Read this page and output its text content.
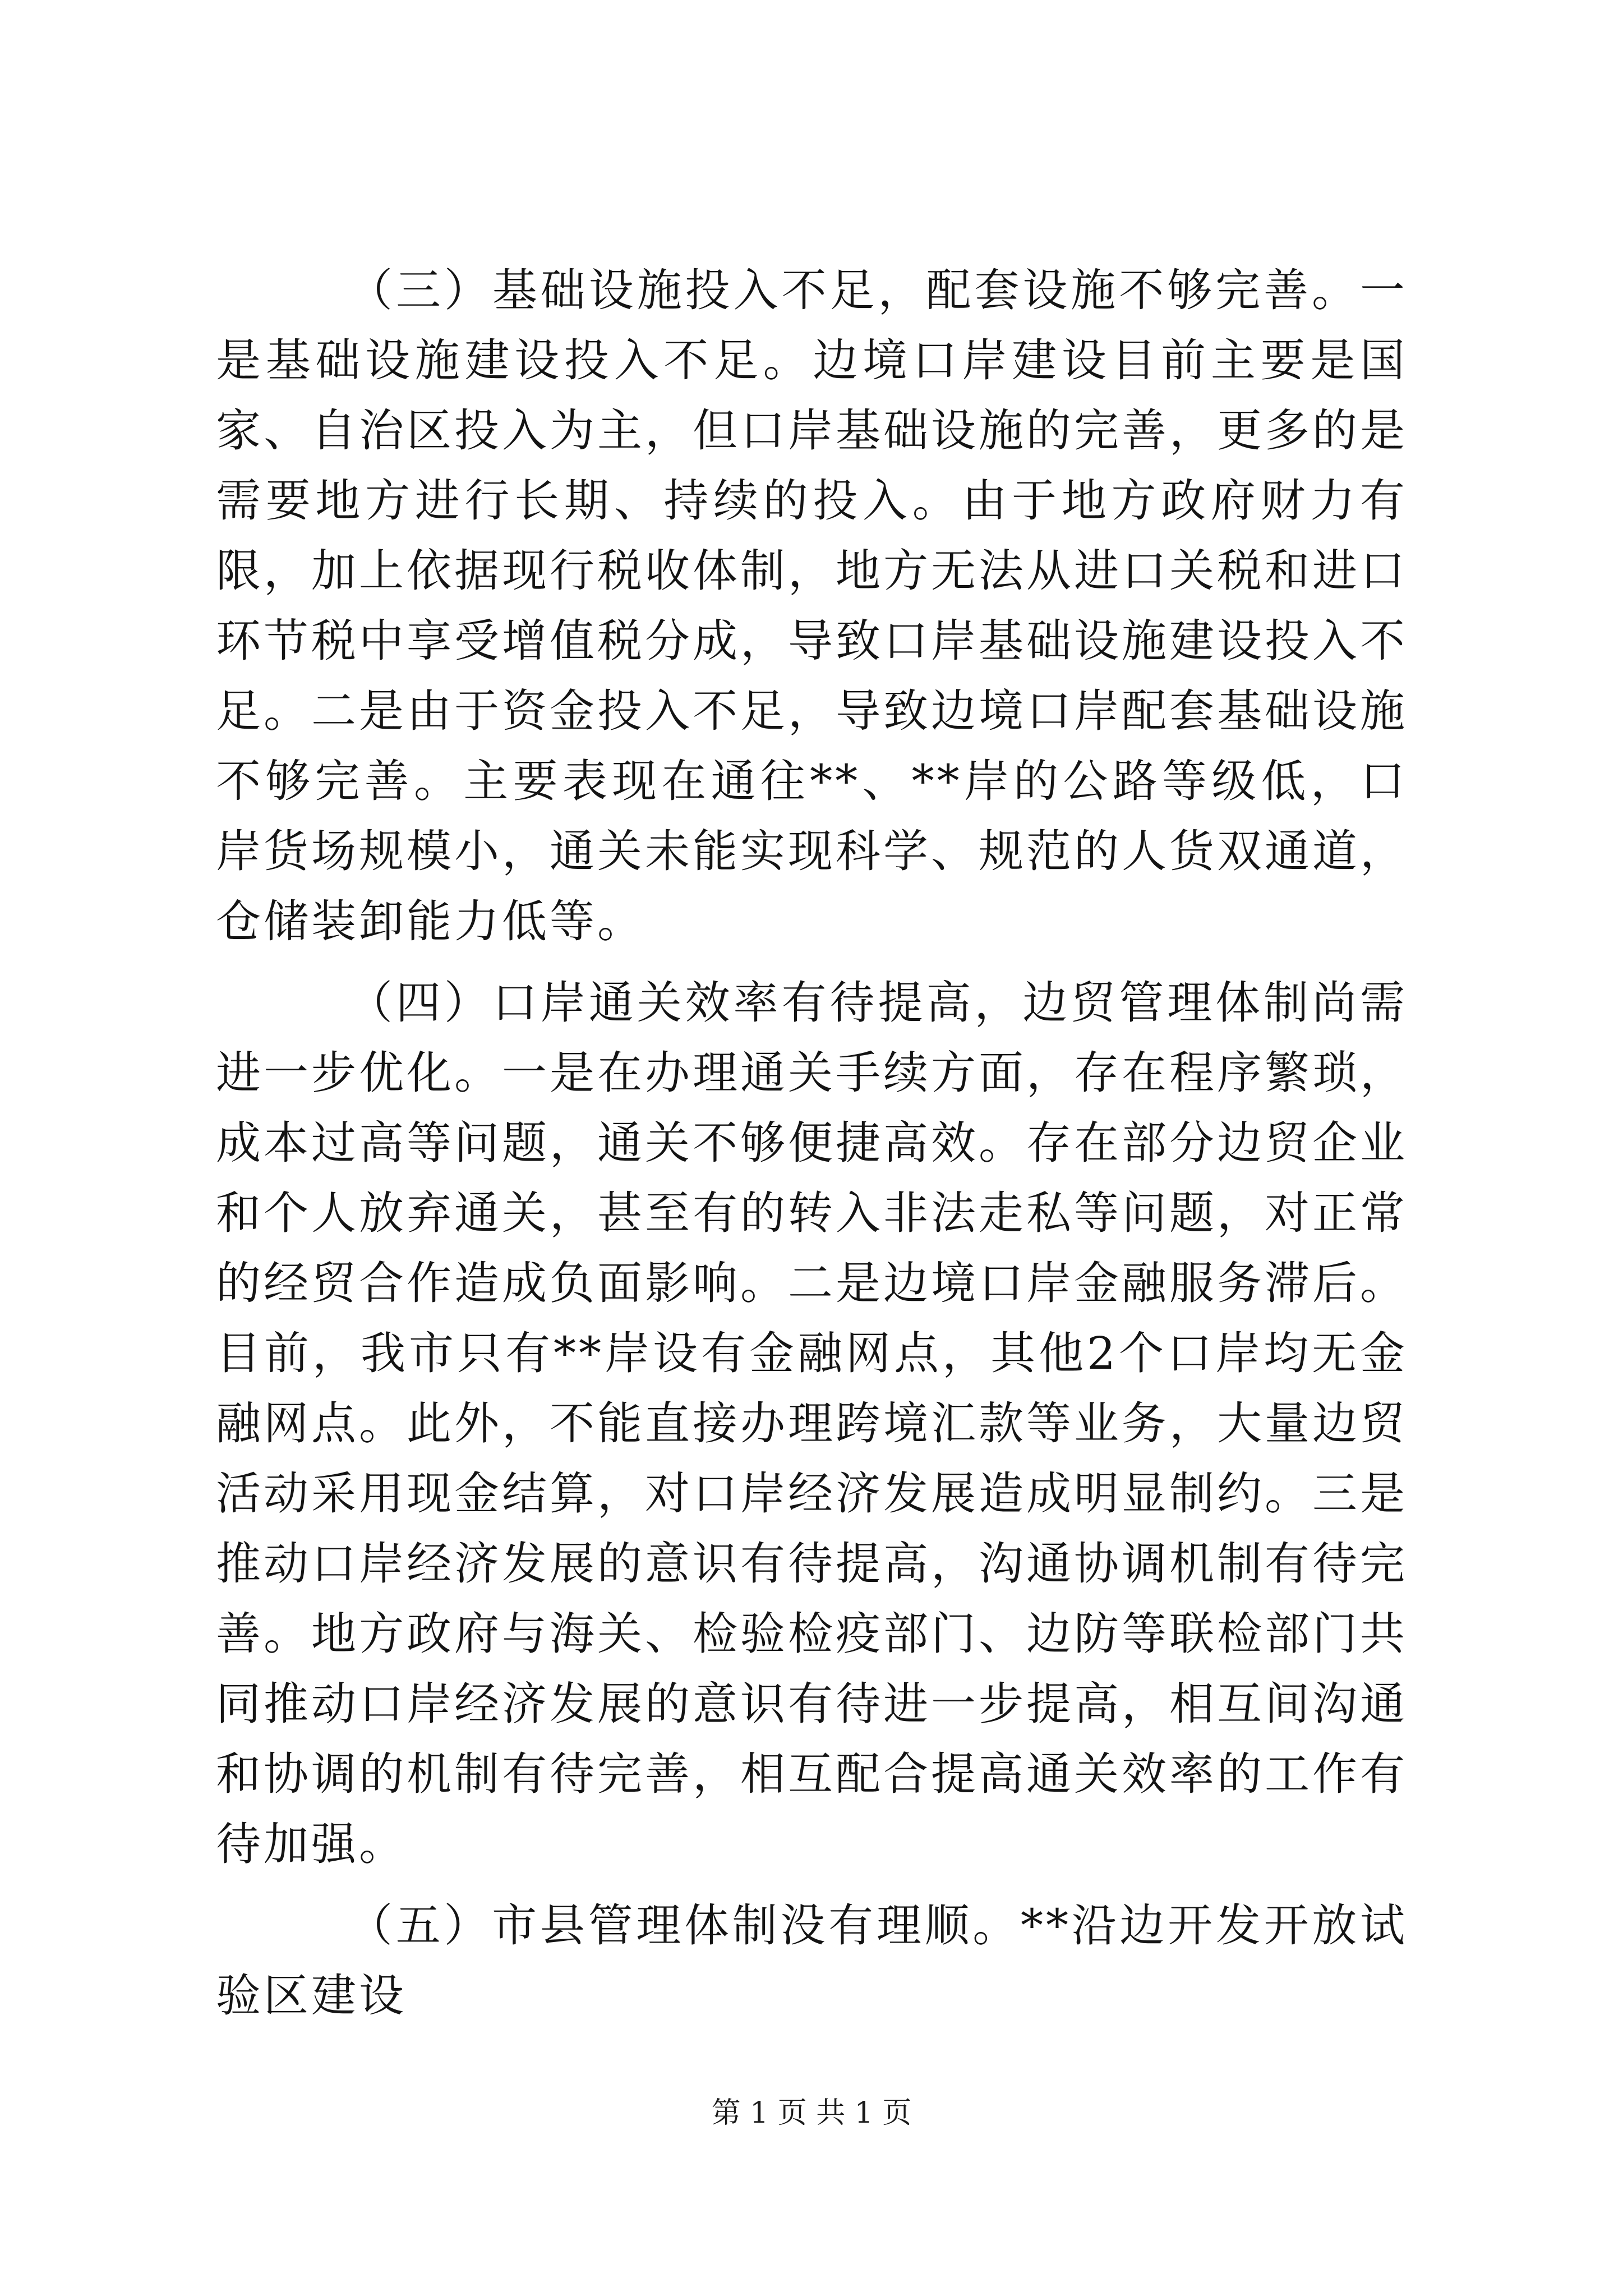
（三）基础设施投入不足，配套设施不够完善。一是基础设施建设投入不足。边境口岸建设目前主要是国家、自治区投入为主，但口岸基础设施的完善，更多的是需要地方进行长期、持续的投入。由于地方政府财力有限，加上依据现行税收体制，地方无法从进口关税和进口环节税中享受增值税分成，导致口岸基础设施建设投入不足。二是由于资金投入不足，导致边境口岸配套基础设施不够完善。主要表现在通往**、**岸的公路等级低，口岸货场规模小，通关未能实现科学、规范的人货双通道，仓储装卸能力低等。

（四）口岸通关效率有待提高，边贸管理体制尚需进一步优化。一是在办理通关手续方面，存在程序繁琐，成本过高等问题，通关不够便捷高效。存在部分边贸企业和个人放弃通关，甚至有的转入非法走私等问题，对正常的经贸合作造成负面影响。二是边境口岸金融服务滞后。目前，我市只有**岸设有金融网点，其他2个口岸均无金融网点。此外，不能直接办理跨境汇款等业务，大量边贸活动采用现金结算，对口岸经济发展造成明显制约。三是推动口岸经济发展的意识有待提高，沟通协调机制有待完善。地方政府与海关、检验检疫部门、边防等联检部门共同推动口岸经济发展的意识有待进一步提高，相互间沟通和协调的机制有待完善，相互配合提高通关效率的工作有待加强。

（五）市县管理体制没有理顺。**沿边开发开放试验区建设

第 1 页 共 1 页
